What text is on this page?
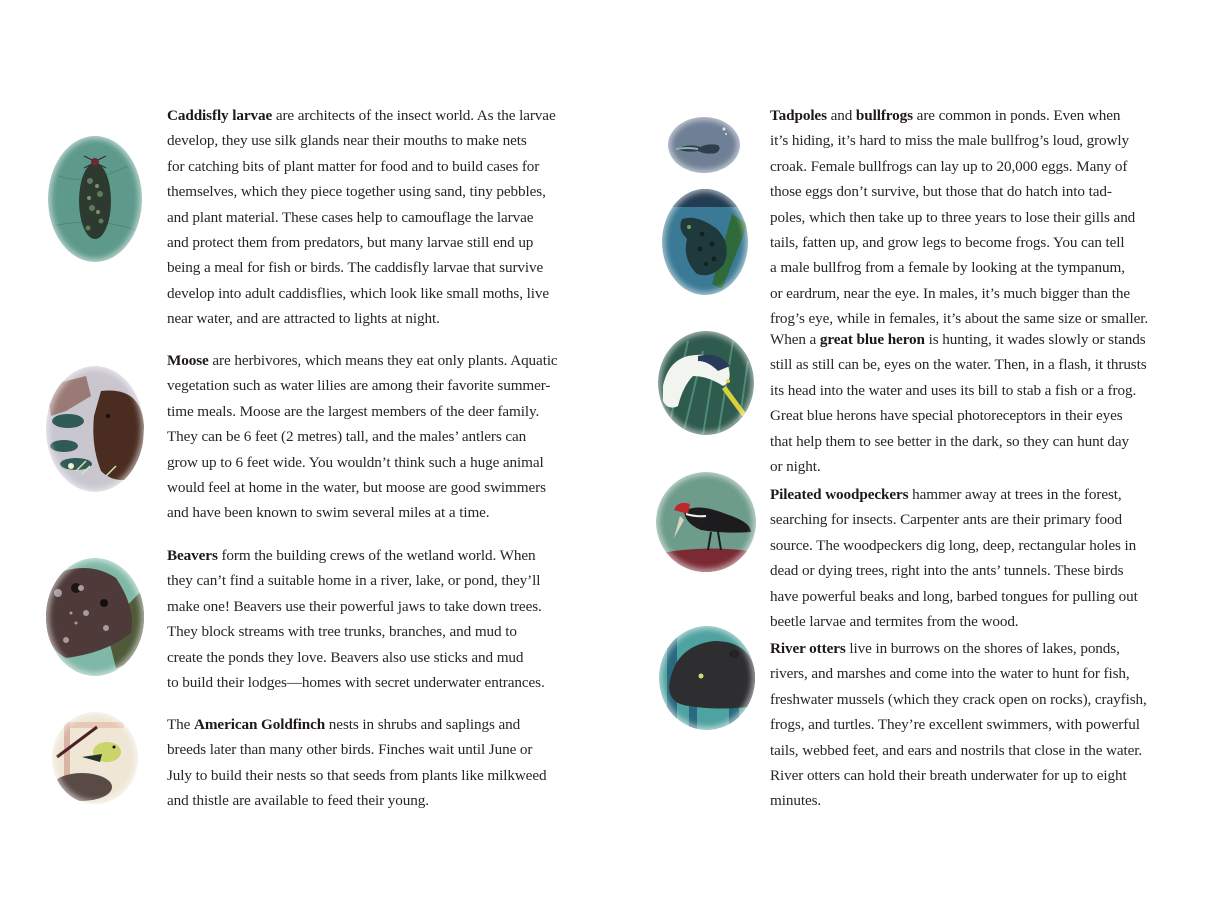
Caddisfly larvae are architects of the insect world. As the larvae
develop, they use silk glands near their mouths to make nets
for catching bits of plant matter for food and to build cases for
themselves, which they piece together using sand, tiny pebbles,
and plant material. These cases help to camouflage the larvae
and protect them from predators, but many larvae still end up
being a meal for fish or birds. The caddisfly larvae that survive
develop into adult caddisflies, which look like small moths, live
near water, and are attracted to lights at night.
Moose are herbivores, which means they eat only plants. Aquatic
vegetation such as water lilies are among their favorite summer-
time meals. Moose are the largest members of the deer family.
They can be 6 feet (2 metres) tall, and the males’ antlers can
grow up to 6 feet wide. You wouldn’t think such a huge animal
would feel at home in the water, but moose are good swimmers
and have been known to swim several miles at a time.
Beavers form the building crews of the wetland world. When
they can’t find a suitable home in a river, lake, or pond, they’ll
make one! Beavers use their powerful jaws to take down trees.
They block streams with tree trunks, branches, and mud to
create the ponds they love. Beavers also use sticks and mud
to build their lodges—homes with secret underwater entrances.
The American Goldfinch nests in shrubs and saplings and
breeds later than many other birds. Finches wait until June or
July to build their nests so that seeds from plants like milkweed
and thistle are available to feed their young.
Tadpoles and bullfrogs are common in ponds. Even when
it’s hiding, it’s hard to miss the male bullfrog’s loud, growly
croak. Female bullfrogs can lay up to 20,000 eggs. Many of
those eggs don’t survive, but those that do hatch into tad-
poles, which then take up to three years to lose their gills and
tails, fatten up, and grow legs to become frogs. You can tell
a male bullfrog from a female by looking at the tympanum,
or eardrum, near the eye. In males, it’s much bigger than the
frog’s eye, while in females, it’s about the same size or smaller.
When a great blue heron is hunting, it wades slowly or stands
still as still can be, eyes on the water. Then, in a flash, it thrusts
its head into the water and uses its bill to stab a fish or a frog.
Great blue herons have special photoreceptors in their eyes
that help them to see better in the dark, so they can hunt day
or night.
Pileated woodpeckers hammer away at trees in the forest,
searching for insects. Carpenter ants are their primary food
source. The woodpeckers dig long, deep, rectangular holes in
dead or dying trees, right into the ants’ tunnels. These birds
have powerful beaks and long, barbed tongues for pulling out
beetle larvae and termites from the wood.
River otters live in burrows on the shores of lakes, ponds,
rivers, and marshes and come into the water to hunt for fish,
freshwater mussels (which they crack open on rocks), crayfish,
frogs, and turtles. They’re excellent swimmers, with powerful
tails, webbed feet, and ears and nostrils that close in the water.
River otters can hold their breath underwater for up to eight
minutes.
